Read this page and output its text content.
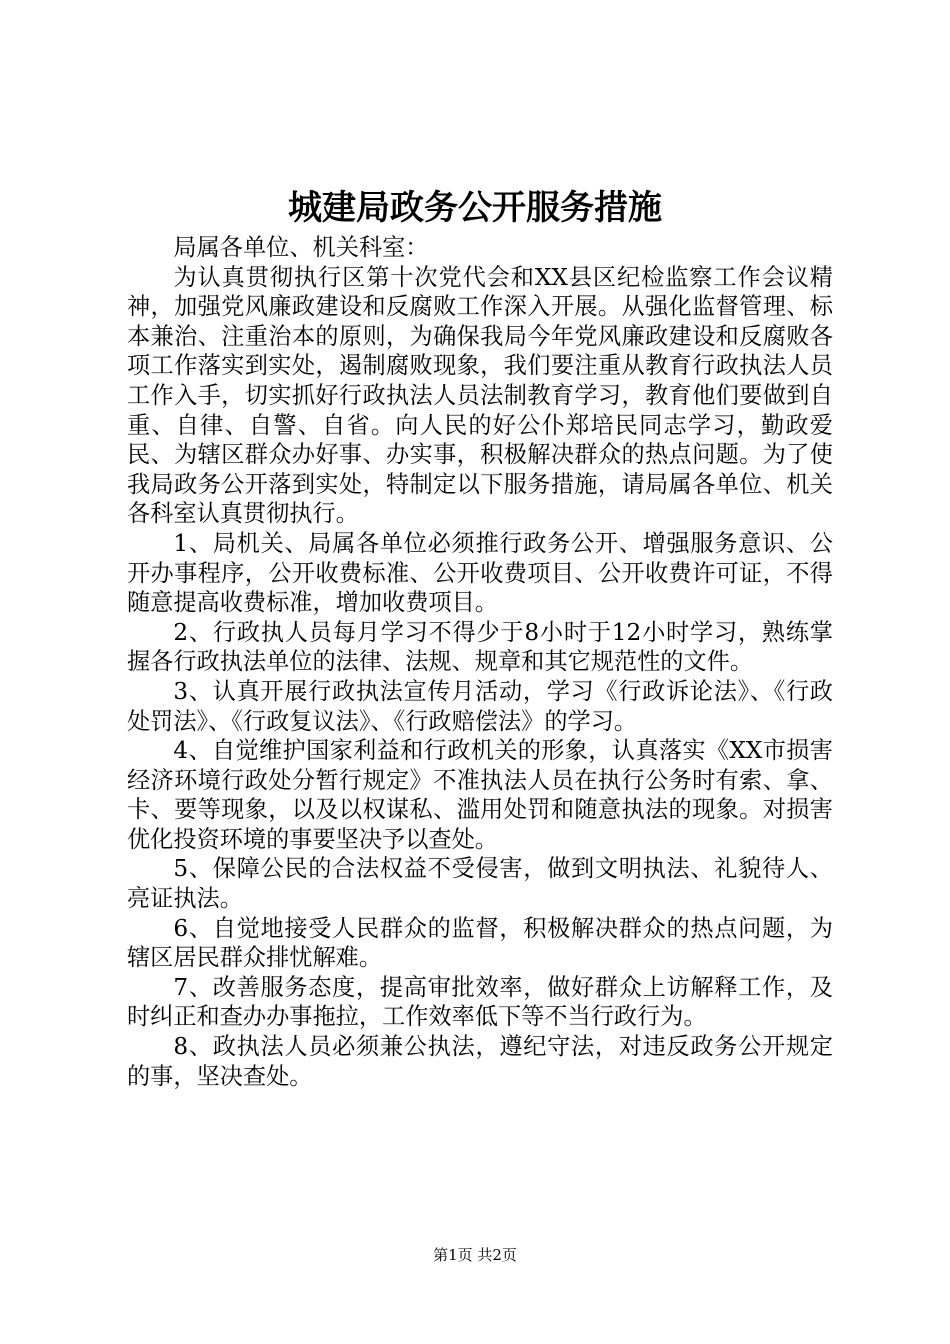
城建局政务公开服务措施

局属各单位、机关科室：

为认真贯彻执行区第十次党代会和XX县区纪检监察工作会议精神，加强党风廉政建设和反腐败工作深入开展。从强化监督管理、标本兼治、注重治本的原则，为确保我局今年党风廉政建设和反腐败各项工作落实到实处，遏制腐败现象，我们要注重从教育行政执法人员工作入手，切实抓好行政执法人员法制教育学习，教育他们要做到自重、自律、自警、自省。向人民的好公仆郑培民同志学习，勤政爱民、为辖区群众办好事、办实事，积极解决群众的热点问题。为了使我局政务公开落到实处，特制定以下服务措施，请局属各单位、机关各科室认真贯彻执行。

1、局机关、局属各单位必须推行政务公开、增强服务意识、公开办事程序，公开收费标准、公开收费项目、公开收费许可证，不得随意提高收费标准，增加收费项目。

2、行政执人员每月学习不得少于8小时于12小时学习，熟练掌握各行政执法单位的法律、法规、规章和其它规范性的文件。

3、认真开展行政执法宣传月活动，学习《行政诉论法》、《行政处罚法》、《行政复议法》、《行政赔偿法》的学习。

4、自觉维护国家利益和行政机关的形象，认真落实《XX市损害经济环境行政处分暂行规定》不准执法人员在执行公务时有索、拿、卡、要等现象，以及以权谋私、滥用处罚和随意执法的现象。对损害优化投资环境的事要坚决予以查处。

5、保障公民的合法权益不受侵害，做到文明执法、礼貌待人、亮证执法。

6、自觉地接受人民群众的监督，积极解决群众的热点问题，为辖区居民群众排忧解难。

7、改善服务态度，提高审批效率，做好群众上访解释工作，及时纠正和查办办事拖拉，工作效率低下等不当行政行为。

8、政执法人员必须兼公执法，遵纪守法，对违反政务公开规定的事，坚决查处。

第1页 共2页
